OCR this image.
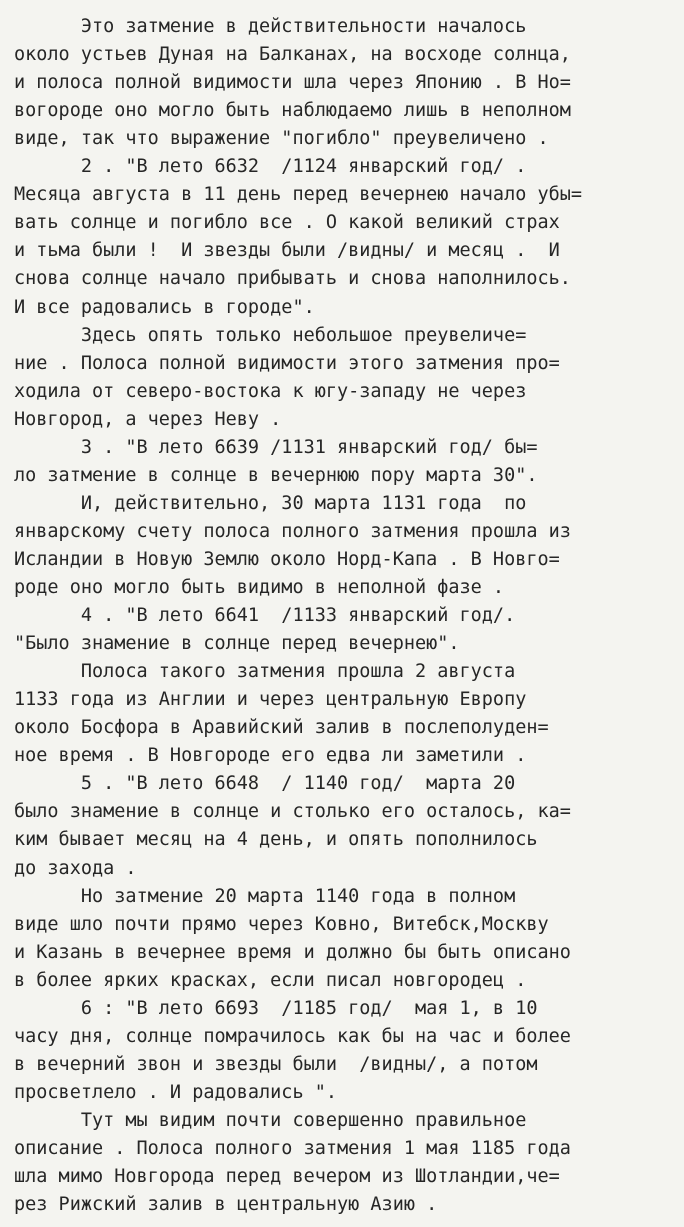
Это затмение в действительности началось

около устьев Дуная на Балканах, на восходе солнца,

и полоса полной видимости шла через Японию . В Но=

вогороде оно могло быть наблюдаемо лишь в неполном

виде, так что выражение "погибло" преувеличено .

2 . "В лето 6632  /1124 январский год/ .

Месяца августа в 11 день перед вечернею начало убы=

вать солнце и погибло все . О какой великий страх

и тьма были !  И звезды были /видны/ и месяц .  И

снова солнце начало прибывать и снова наполнилось.

И все радовались в городе".

Здесь опять только небольшое преувеличе=

ние . Полоса полной видимости этого затмения про=

ходила от северо-востока к югу-западу не через

Новгород, а через Неву .

3 . "В лето 6639 /1131 январский год/ бы=

ло затмение в солнце в вечернюю пору марта 30".

И, действительно, 30 марта 1131 года  по

январскому счету полоса полного затмения прошла из

Исландии в Новую Землю около Норд-Капа . В Новго=

роде оно могло быть видимо в неполной фазе .

4 . "В лето 6641  /1133 январский год/.

"Было знамение в солнце перед вечернею".

Полоса такого затмения прошла 2 августа

1133 года из Англии и через центральную Европу

около Босфора в Аравийский залив в послеполуден=

ное время . В Новгороде его едва ли заметили .

5 . "В лето 6648  / 1140 год/  марта 20

было знамение в солнце и столько его осталось, ка=

ким бывает месяц на 4 день, и опять пополнилось

до захода .

Но затмение 20 марта 1140 года в полном

виде шло почти прямо через Ковно, Витебск,Москву

и Казань в вечернее время и должно бы быть описано

в более ярких красках, если писал новгородец .

6 : "В лето 6693  /1185 год/  мая 1, в 10

часу дня, солнце помрачилось как бы на час и более

в вечерний звон и звезды были  /видны/, а потом

просветлело . И радовались ".

Тут мы видим почти совершенно правильное

описание . Полоса полного затмения 1 мая 1185 года

шла мимо Новгорода перед вечером из Шотландии,че=

рез Рижский залив в центральную Азию .
